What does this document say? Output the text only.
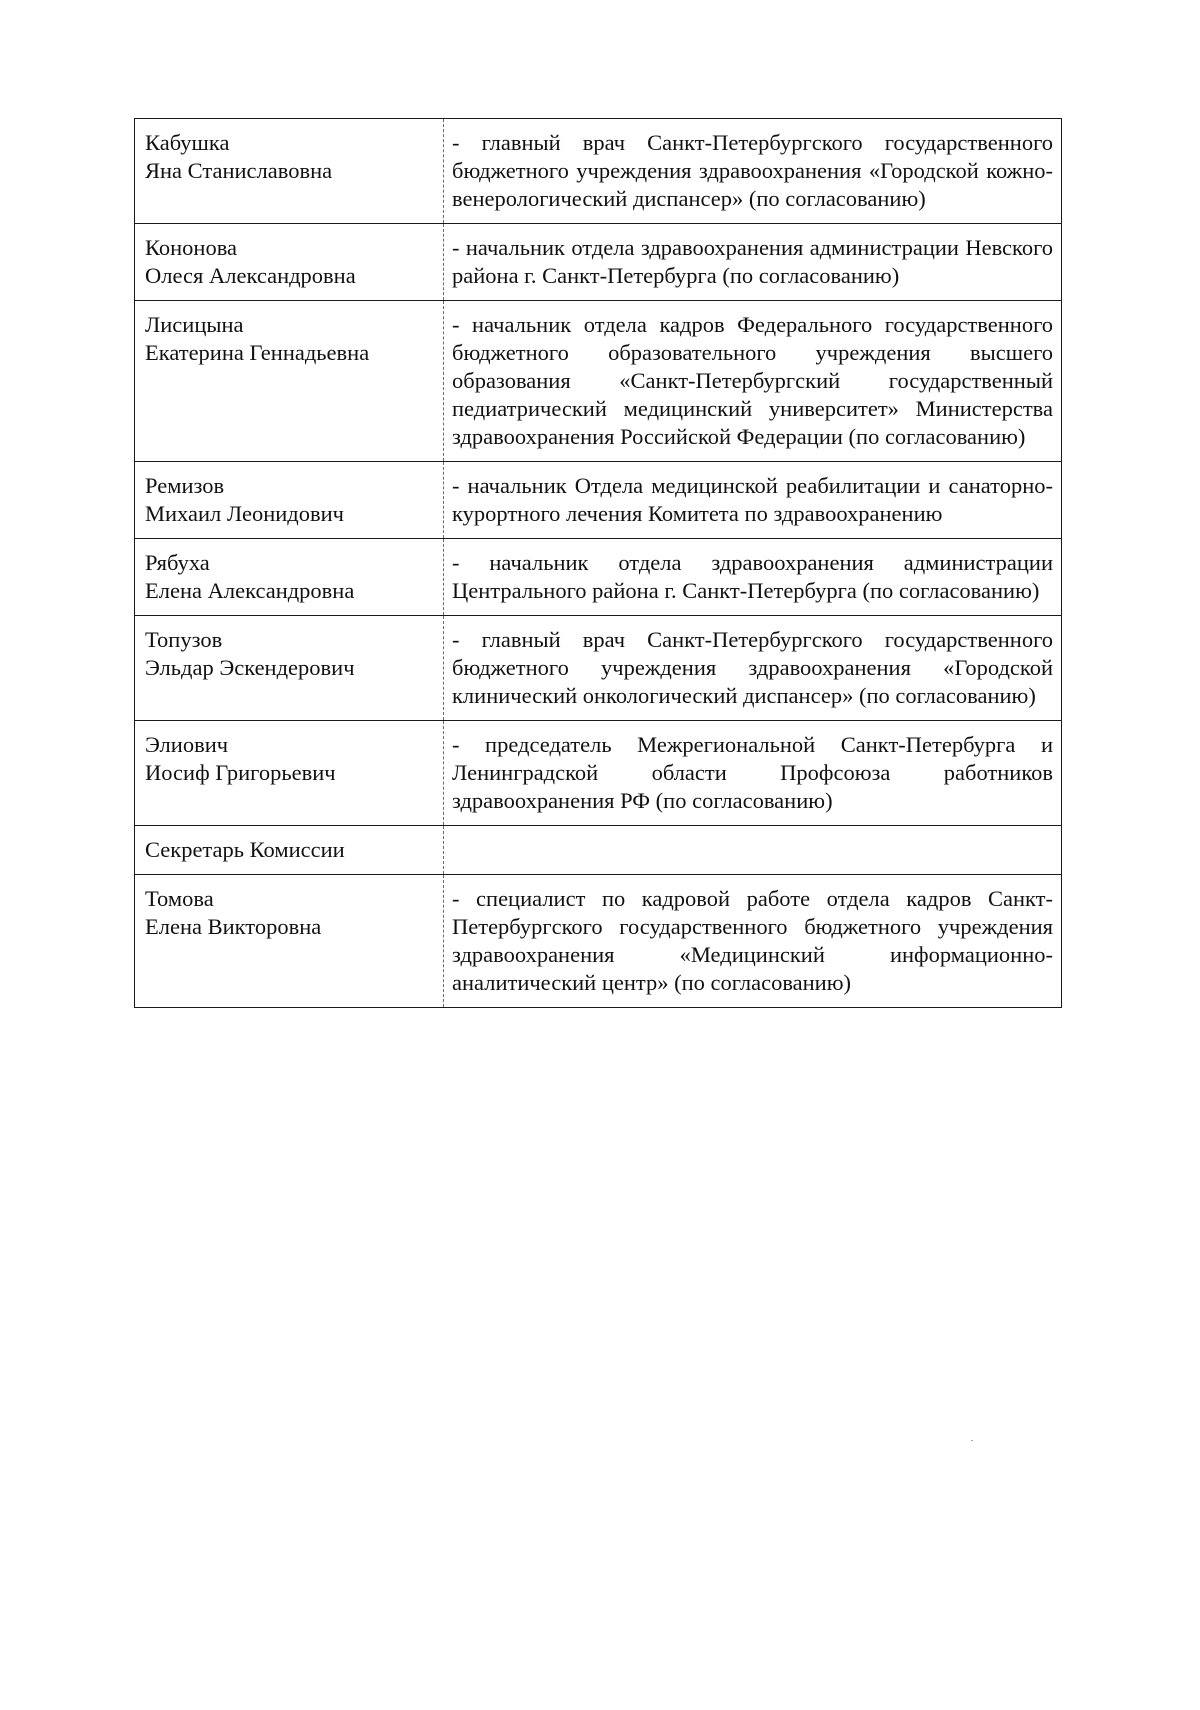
Кабушка
Яна Станиславовна	- главный врач Санкт-Петербургского государственного бюджетного учреждения здравоохранения «Городской кожно-венерологический диспансер» (по согласованию)

Кононова
Олеся Александровна	- начальник отдела здравоохранения администрации Невского района г. Санкт-Петербурга (по согласованию)

Лисицына
Екатерина Геннадьевна	- начальник отдела кадров Федерального государственного бюджетного образовательного учреждения высшего образования «Санкт-Петербургский государственный педиатрический медицинский университет» Министерства здравоохранения Российской Федерации (по согласованию)

Ремизов
Михаил Леонидович	- начальник Отдела медицинской реабилитации и санаторно-курортного лечения Комитета по здравоохранению

Рябуха
Елена Александровна	- начальник отдела здравоохранения администрации Центрального района г. Санкт-Петербурга (по согласованию)

Топузов
Эльдар Эскендерович	- главный врач Санкт-Петербургского государственного бюджетного учреждения здравоохранения «Городской клинический онкологический диспансер» (по согласованию)

Элиович
Иосиф Григорьевич	- председатель Межрегиональной Санкт-Петербурга и Ленинградской области Профсоюза работников здравоохранения РФ (по согласованию)

Секретарь Комиссии	

Томова
Елена Викторовна	- специалист по кадровой работе отдела кадров Санкт-Петербургского государственного бюджетного учреждения здравоохранения «Медицинский информационно-аналитический центр» (по согласованию)
